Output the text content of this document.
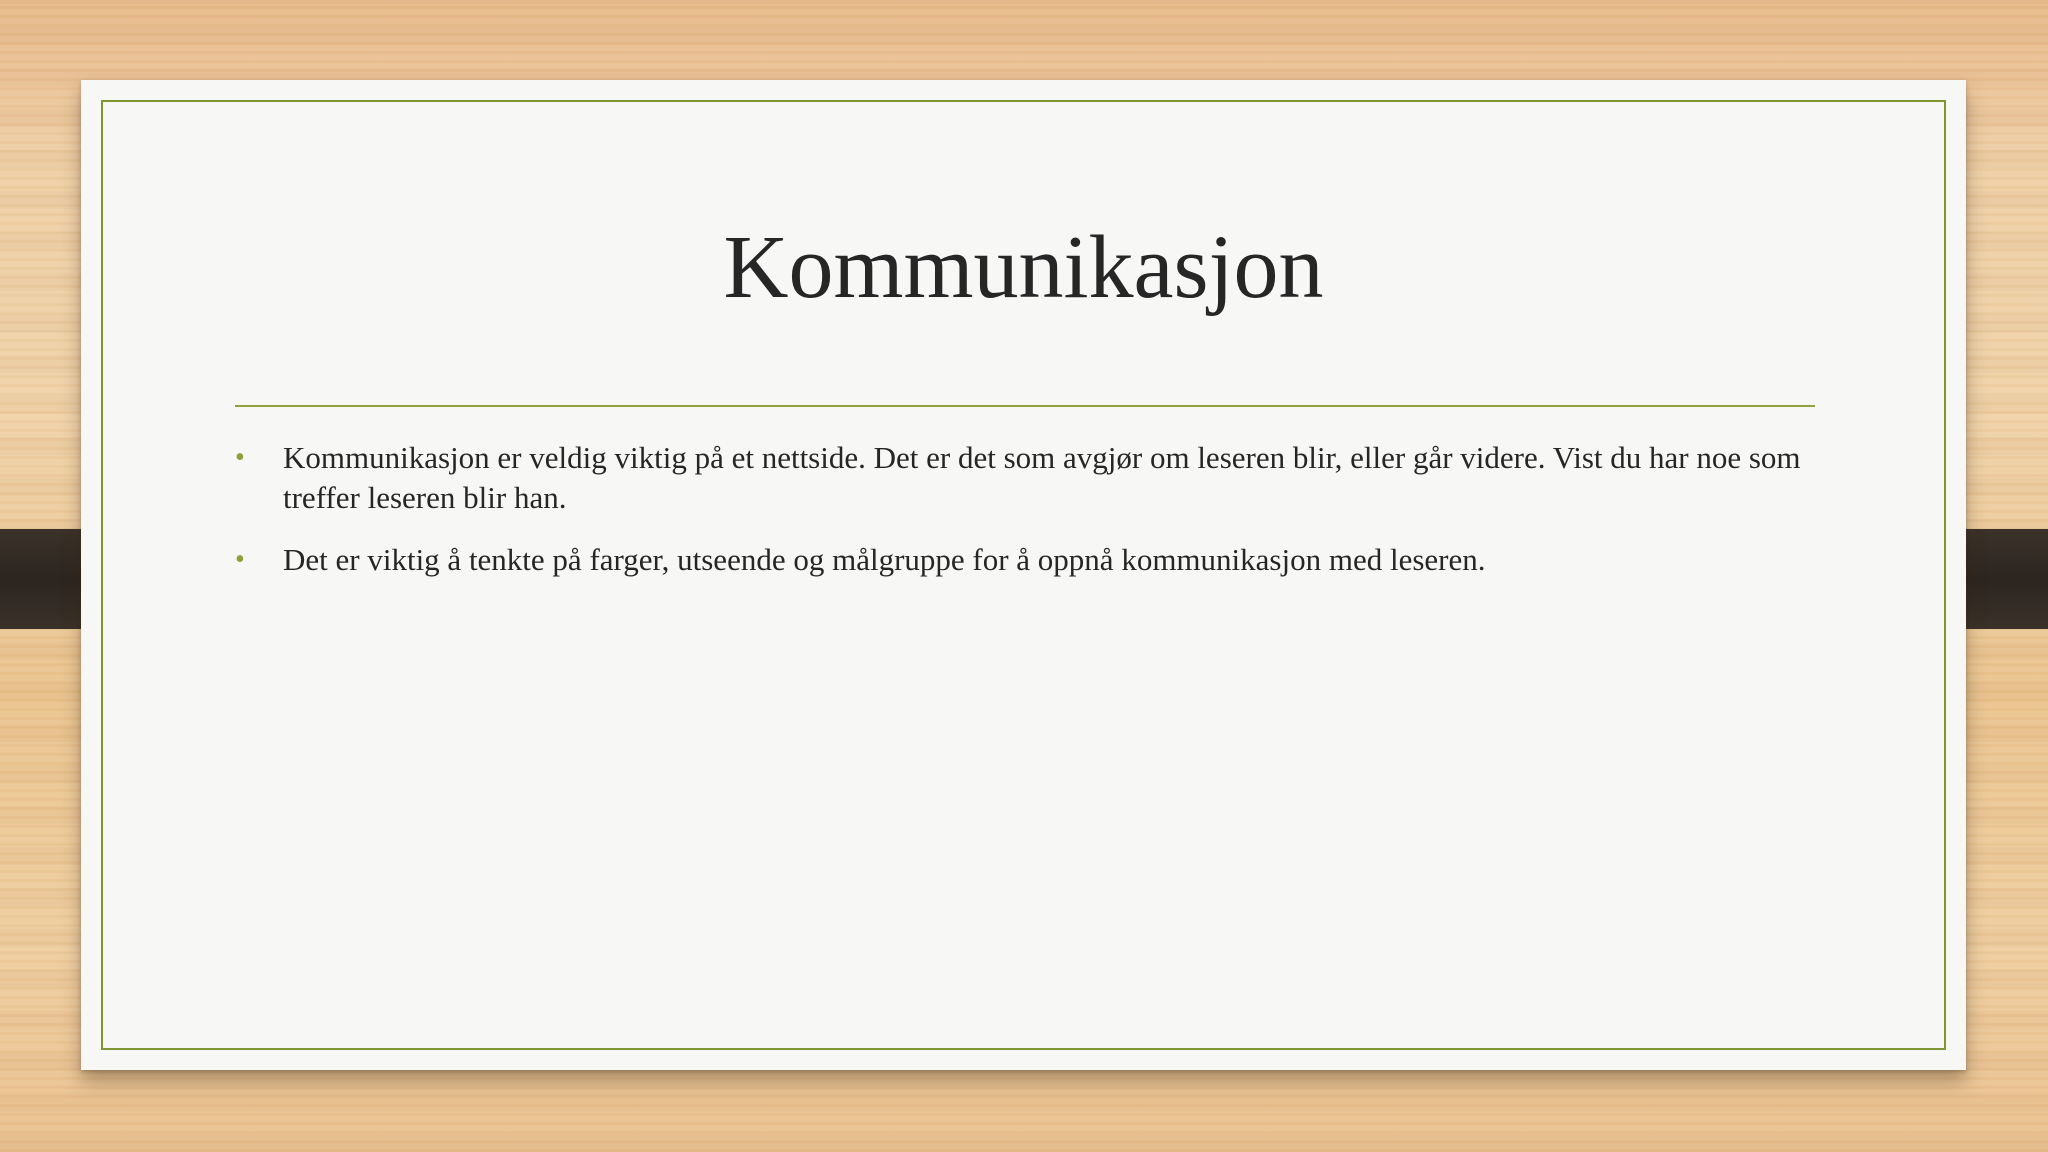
Kommunikasjon
• Kommunikasjon er veldig viktig på et nettside. Det er det som avgjør om leseren blir, eller går videre. Vist du har noe som treffer leseren blir han.
• Det er viktig å tenkte på farger, utseende og målgruppe for å oppnå kommunikasjon med leseren.
